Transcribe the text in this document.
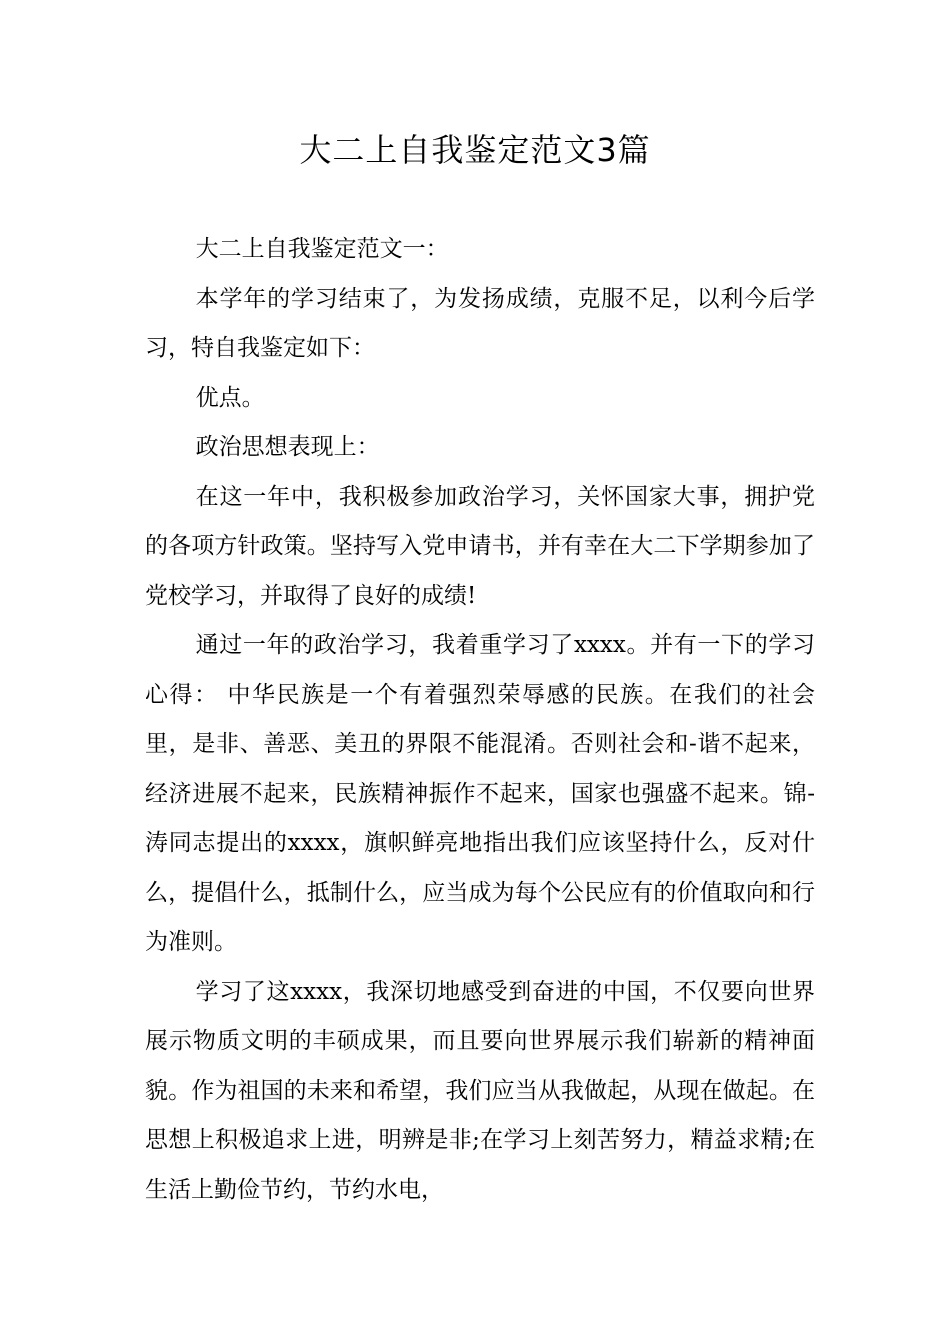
大二上自我鉴定范文3篇

大二上自我鉴定范文一：

本学年的学习结束了，为发扬成绩，克服不足，以利今后学习，特自我鉴定如下：

优点。

政治思想表现上：

在这一年中，我积极参加政治学习，关怀国家大事，拥护党的各项方针政策。坚持写入党申请书，并有幸在大二下学期参加了党校学习，并取得了良好的成绩!

通过一年的政治学习，我着重学习了xxxx。并有一下的学习心得： 中华民族是一个有着强烈荣辱感的民族。在我们的社会里，是非、善恶、美丑的界限不能混淆。否则社会和-谐不起来，经济进展不起来，民族精神振作不起来，国家也强盛不起来。锦-涛同志提出的xxxx，旗帜鲜亮地指出我们应该坚持什么，反对什么，提倡什么，抵制什么，应当成为每个公民应有的价值取向和行为准则。

学习了这xxxx，我深切地感受到奋进的中国，不仅要向世界展示物质文明的丰硕成果，而且要向世界展示我们崭新的精神面貌。作为祖国的未来和希望，我们应当从我做起，从现在做起。在思想上积极追求上进，明辨是非;在学习上刻苦努力，精益求精;在生活上勤俭节约，节约水电，
